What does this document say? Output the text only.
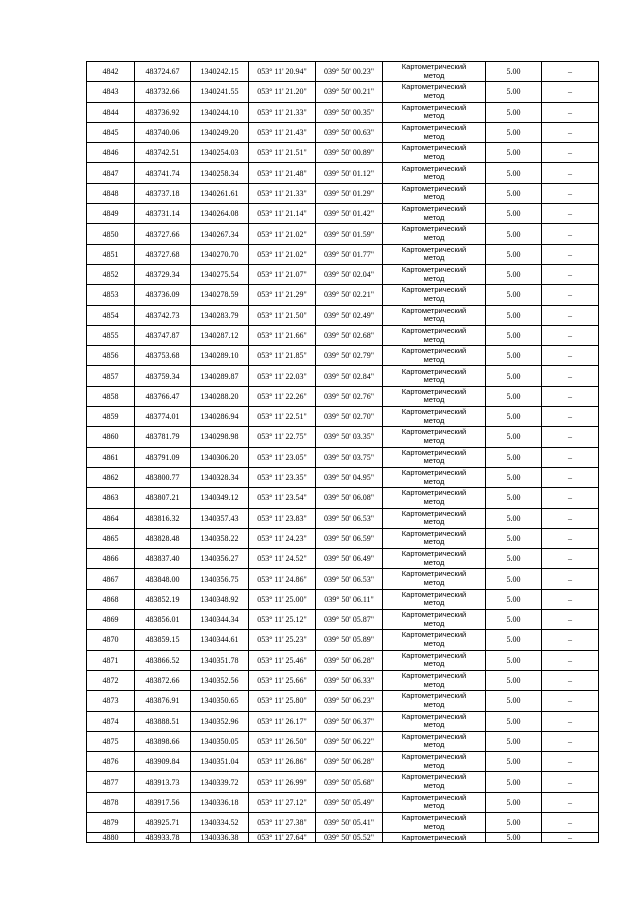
4842	483724.67	1340242.15	053° 11' 20.94"	039° 50' 00.23"	Картометрический
метод	5.00	–
4843	483732.66	1340241.55	053° 11' 21.20"	039° 50' 00.21"	Картометрический
метод	5.00	–
4844	483736.92	1340244.10	053° 11' 21.33"	039° 50' 00.35"	Картометрический
метод	5.00	–
4845	483740.06	1340249.20	053° 11' 21.43"	039° 50' 00.63"	Картометрический
метод	5.00	–
4846	483742.51	1340254.03	053° 11' 21.51"	039° 50' 00.89"	Картометрический
метод	5.00	–
4847	483741.74	1340258.34	053° 11' 21.48"	039° 50' 01.12"	Картометрический
метод	5.00	–
4848	483737.18	1340261.61	053° 11' 21.33"	039° 50' 01.29"	Картометрический
метод	5.00	–
4849	483731.14	1340264.08	053° 11' 21.14"	039° 50' 01.42"	Картометрический
метод	5.00	–
4850	483727.66	1340267.34	053° 11' 21.02"	039° 50' 01.59"	Картометрический
метод	5.00	–
4851	483727.68	1340270.70	053° 11' 21.02"	039° 50' 01.77"	Картометрический
метод	5.00	–
4852	483729.34	1340275.54	053° 11' 21.07"	039° 50' 02.04"	Картометрический
метод	5.00	–
4853	483736.09	1340278.59	053° 11' 21.29"	039° 50' 02.21"	Картометрический
метод	5.00	–
4854	483742.73	1340283.79	053° 11' 21.50"	039° 50' 02.49"	Картометрический
метод	5.00	–
4855	483747.87	1340287.12	053° 11' 21.66"	039° 50' 02.68"	Картометрический
метод	5.00	–
4856	483753.68	1340289.10	053° 11' 21.85"	039° 50' 02.79"	Картометрический
метод	5.00	–
4857	483759.34	1340289.87	053° 11' 22.03"	039° 50' 02.84"	Картометрический
метод	5.00	–
4858	483766.47	1340288.20	053° 11' 22.26"	039° 50' 02.76"	Картометрический
метод	5.00	–
4859	483774.01	1340286.94	053° 11' 22.51"	039° 50' 02.70"	Картометрический
метод	5.00	–
4860	483781.79	1340298.98	053° 11' 22.75"	039° 50' 03.35"	Картометрический
метод	5.00	–
4861	483791.09	1340306.20	053° 11' 23.05"	039° 50' 03.75"	Картометрический
метод	5.00	–
4862	483800.77	1340328.34	053° 11' 23.35"	039° 50' 04.95"	Картометрический
метод	5.00	–
4863	483807.21	1340349.12	053° 11' 23.54"	039° 50' 06.08"	Картометрический
метод	5.00	–
4864	483816.32	1340357.43	053° 11' 23.83"	039° 50' 06.53"	Картометрический
метод	5.00	–
4865	483828.48	1340358.22	053° 11' 24.23"	039° 50' 06.59"	Картометрический
метод	5.00	–
4866	483837.40	1340356.27	053° 11' 24.52"	039° 50' 06.49"	Картометрический
метод	5.00	–
4867	483848.00	1340356.75	053° 11' 24.86"	039° 50' 06.53"	Картометрический
метод	5.00	–
4868	483852.19	1340348.92	053° 11' 25.00"	039° 50' 06.11"	Картометрический
метод	5.00	–
4869	483856.01	1340344.34	053° 11' 25.12"	039° 50' 05.87"	Картометрический
метод	5.00	–
4870	483859.15	1340344.61	053° 11' 25.23"	039° 50' 05.89"	Картометрический
метод	5.00	–
4871	483866.52	1340351.78	053° 11' 25.46"	039° 50' 06.28"	Картометрический
метод	5.00	–
4872	483872.66	1340352.56	053° 11' 25.66"	039° 50' 06.33"	Картометрический
метод	5.00	–
4873	483876.91	1340350.65	053° 11' 25.80"	039° 50' 06.23"	Картометрический
метод	5.00	–
4874	483888.51	1340352.96	053° 11' 26.17"	039° 50' 06.37"	Картометрический
метод	5.00	–
4875	483898.66	1340350.05	053° 11' 26.50"	039° 50' 06.22"	Картометрический
метод	5.00	–
4876	483909.84	1340351.04	053° 11' 26.86"	039° 50' 06.28"	Картометрический
метод	5.00	–
4877	483913.73	1340339.72	053° 11' 26.99"	039° 50' 05.68"	Картометрический
метод	5.00	–
4878	483917.56	1340336.18	053° 11' 27.12"	039° 50' 05.49"	Картометрический
метод	5.00	–
4879	483925.71	1340334.52	053° 11' 27.38"	039° 50' 05.41"	Картометрический
метод	5.00	–
4880	483933.78	1340336.38	053° 11' 27.64"	039° 50' 05.52"	Картометрический	5.00	–
